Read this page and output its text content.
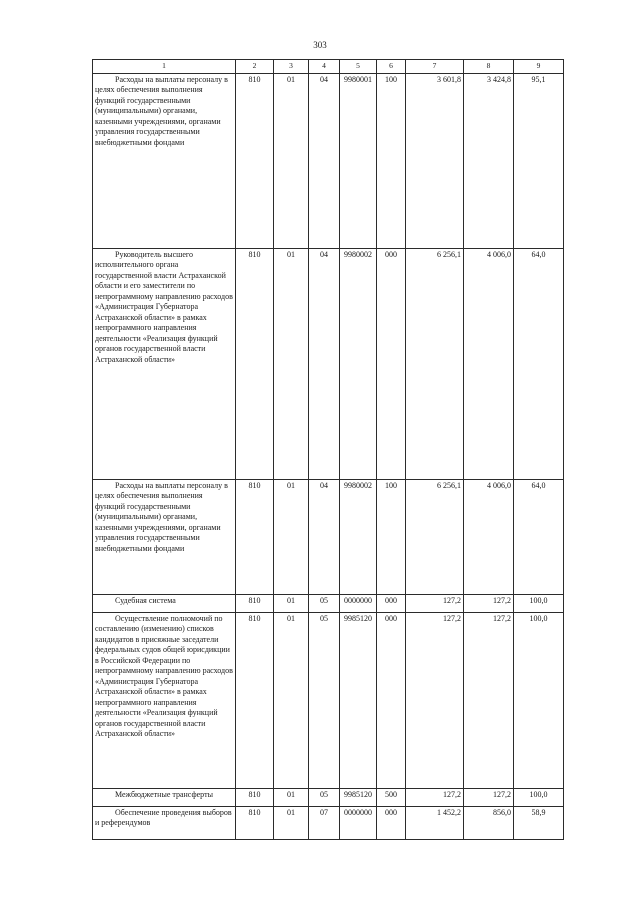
303
1	2	3	4	5	6	7	8	9
Расходы на выплаты персоналу в целях обеспечения выполнения функций государственными (муниципальными) органами, казенными учреждениями, органами управления государственными внебюджетными фондами	810	01	04	9980001	100	3 601,8	3 424,8	95,1
Руководитель высшего исполнительного органа государственной власти Астраханской области и его заместители по непрограммному направлению расходов «Администрация Губернатора Астраханской области» в рамках непрограммного направления деятельности «Реализация функций органов государственной власти Астраханской области»	810	01	04	9980002	000	6 256,1	4 006,0	64,0
Расходы на выплаты персоналу в целях обеспечения выполнения функций государственными (муниципальными) органами, казенными учреждениями, органами управления государственными внебюджетными фондами	810	01	04	9980002	100	6 256,1	4 006,0	64,0
Судебная система	810	01	05	0000000	000	127,2	127,2	100,0
Осуществление полномочий по составлению (изменению) списков кандидатов в присяжные заседатели федеральных судов общей юрисдикции в Российской Федерации по непрограммному направлению расходов «Администрация Губернатора Астраханской области» в рамках непрограммного направления деятельности «Реализация функций органов государственной власти Астраханской области»	810	01	05	9985120	000	127,2	127,2	100,0
Межбюджетные трансферты	810	01	05	9985120	500	127,2	127,2	100,0
Обеспечение проведения выборов и референдумов	810	01	07	0000000	000	1 452,2	856,0	58,9
